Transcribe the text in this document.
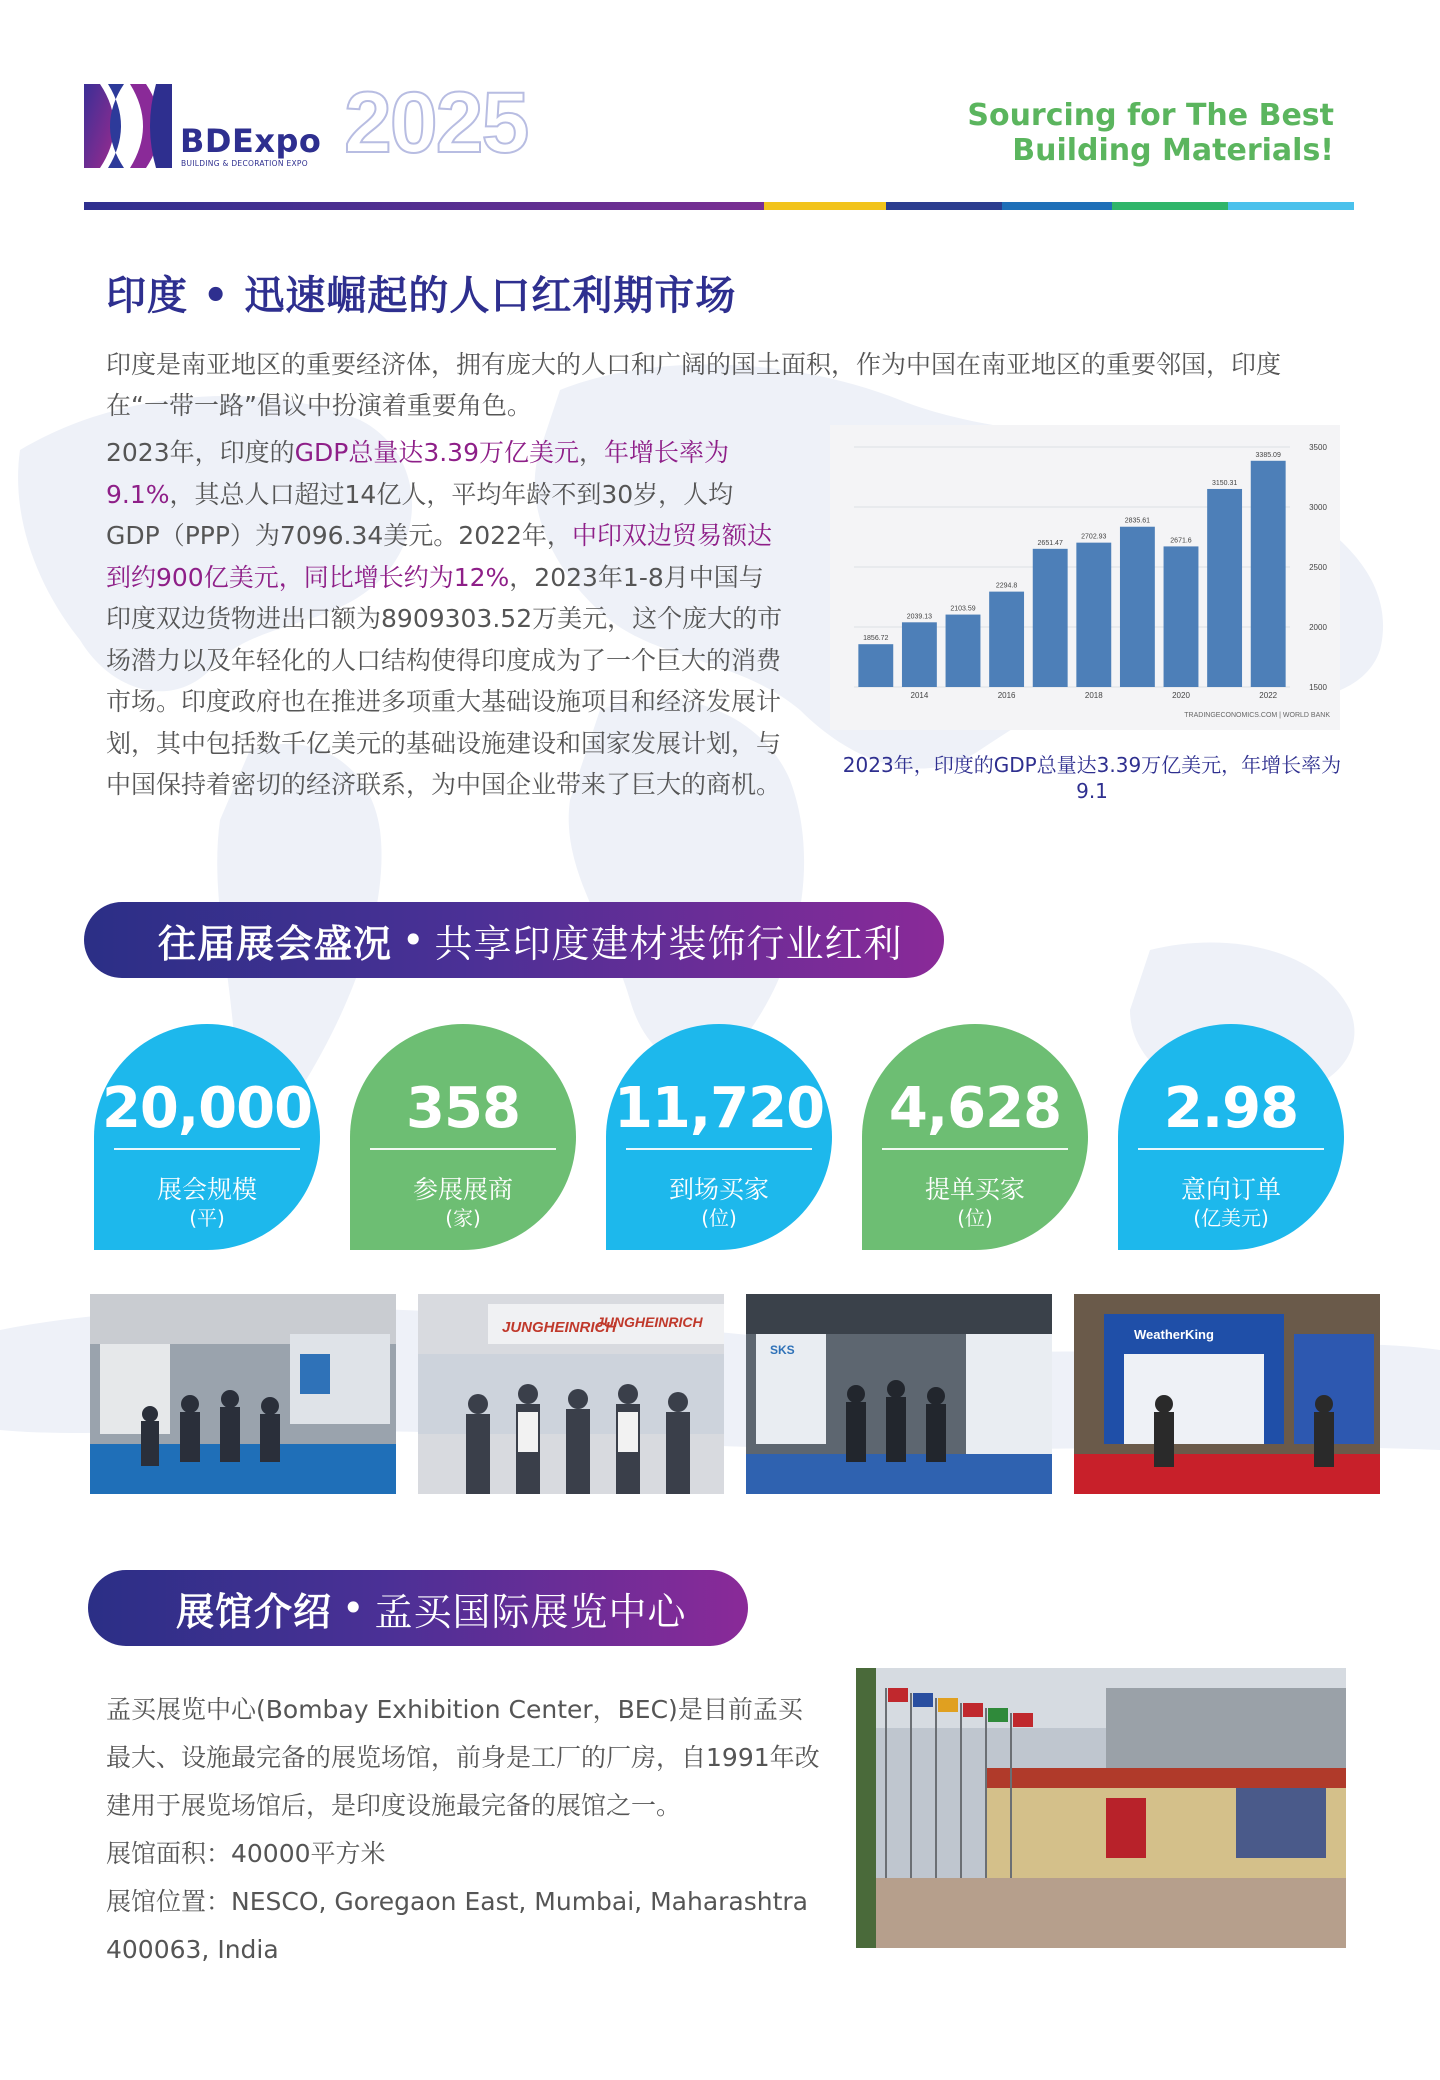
BDExpo
BUILDING & DECORATION EXPO 2025	Sourcing for The Best
Building Materials!
印度 • 迅速崛起的人口红利期市场
印度是南亚地区的重要经济体，拥有庞大的人口和广阔的国土面积，作为中国在南亚地区的重要邻国，印度在“一带一路”倡议中扮演着重要角色。
2023年，印度的GDP总量达3.39万亿美元，年增长率为9.1%，其总人口超过14亿人，平均年龄不到30岁，人均GDP（PPP）为7096.34美元。2022年，中印双边贸易额达到约900亿美元，同比增长约为12%，2023年1-8月中国与印度双边货物进出口额为8909303.52万美元，这个庞大的市场潜力以及年轻化的人口结构使得印度成为了一个巨大的消费市场。印度政府也在推进多项重大基础设施项目和经济发展计划，其中包括数千亿美元的基础设施建设和国家发展计划，与中国保持着密切的经济联系，为中国企业带来了巨大的商机。
1500
2000
2500
3000
3500
1856.72
2039.13
2103.59
2294.8
2651.47
2702.93
2835.61
2671.6
3150.31
3385.09
2014	2016	2018	2020	2022
TRADINGECONOMICS.COM | WORLD BANK
2023年，印度的GDP总量达3.39万亿美元，年增长率为9.1
往届展会盛况 • 共享印度建材装饰行业红利
20,000
展会规模
(平)
358
参展展商
(家)
11,720
到场买家
(位)
4,628
提单买家
(位)
2.98
意向订单
(亿美元)
JUNGHEINRICH
JUNGHEINRICH
SKS
WeatherKing
展馆介绍 • 孟买国际展览中心
孟买展览中心(Bombay Exhibition Center，BEC)是目前孟买最大、设施最完备的展览场馆，前身是工厂的厂房，自1991年改建用于展览场馆后，是印度设施最完备的展馆之一。
展馆面积：40000平方米
展馆位置：NESCO, Goregaon East, Mumbai, Maharashtra 400063, India
